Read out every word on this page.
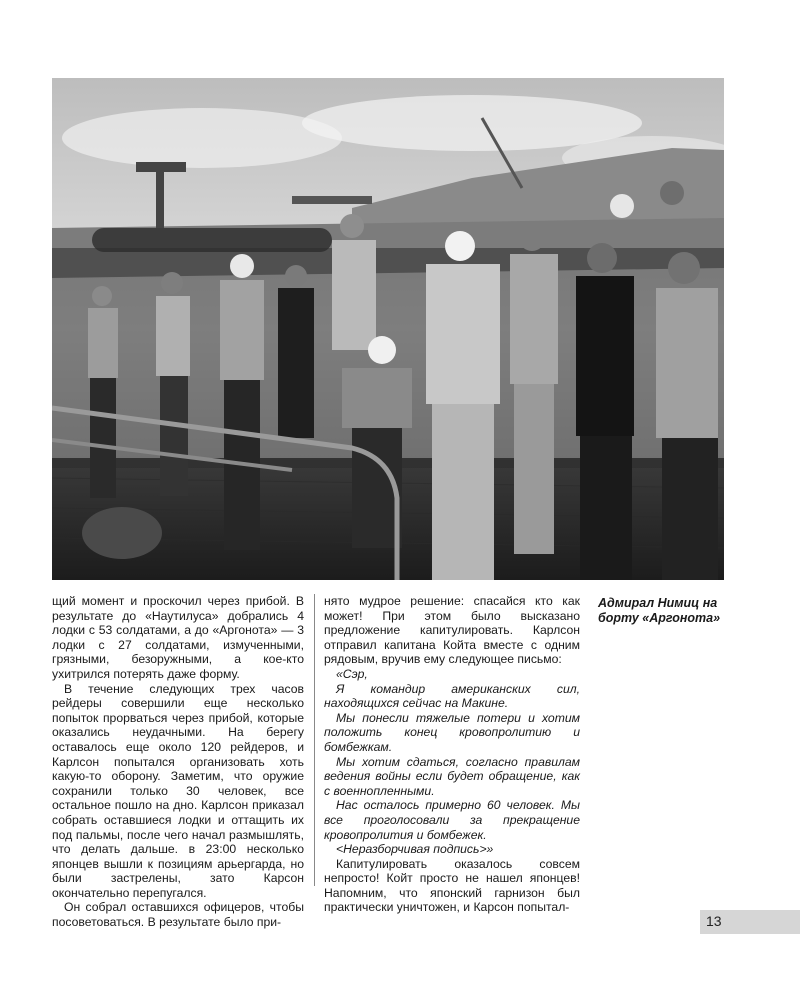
щий момент и проскочил через прибой. В результате до «Наутилуса» добрались 4 лодки с 53 солдатами, а до «Аргонота» — 3 лодки с 27 солдатами, измученными, грязными, безоружными, а кое-кто ухитрился потерять даже форму.

В течение следующих трех часов рейдеры совершили еще несколько попыток прорваться через прибой, которые оказались неудачными. На берегу оставалось еще около 120 рейдеров, и Карлсон попытался организовать хоть какую-то оборону. Заметим, что оружие сохранили только 30 человек, все остальное пошло на дно. Карлсон приказал собрать оставшиеся лодки и оттащить их под пальмы, после чего начал размышлять, что делать дальше. в 23:00 несколько японцев вышли к позициям арьергарда, но были застрелены, зато Карсон окончательно перепугался.

Он собрал оставшихся офицеров, чтобы посоветоваться. В результате было при-

нято мудрое решение: спасайся кто как может! При этом было высказано предложение капитулировать. Карлсон отправил капитана Койта вместе с одним рядовым, вручив ему следующее письмо:

«Сэр,

Я командир американских сил, находящихся сейчас на Макине.

Мы понесли тяжелые потери и хотим положить конец кровопролитию и бомбежкам.

Мы хотим сдаться, согласно правилам ведения войны если будет обращение, как с военнопленными.

Нас осталось примерно 60 человек. Мы все проголосовали за прекращение кровопролития и бомбежек.

<Неразборчивая подпись>»

Капитулировать оказалось совсем непросто! Койт просто не нашел японцев! Напомним, что японский гарнизон был практически уничтожен, и Карсон попытал-

Адмирал Нимиц на борту «Аргонота»
13
